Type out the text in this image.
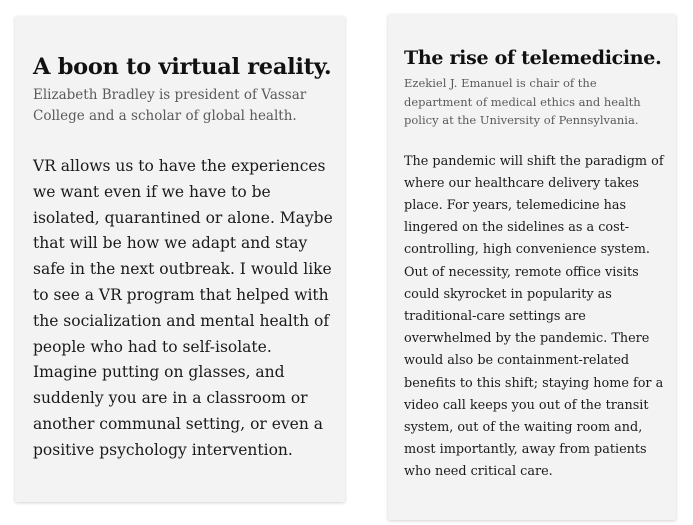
A boon to virtual reality.

Elizabeth Bradley is president of Vassar College and a scholar of global health.

VR allows us to have the experiences we want even if we have to be isolated, quarantined or alone. Maybe that will be how we adapt and stay safe in the next outbreak. I would like to see a VR program that helped with the socialization and mental health of people who had to self-isolate. Imagine putting on glasses, and suddenly you are in a classroom or another communal setting, or even a positive psychology intervention.

The rise of telemedicine.

Ezekiel J. Emanuel is chair of the department of medical ethics and health policy at the University of Pennsylvania.

The pandemic will shift the paradigm of where our healthcare delivery takes place. For years, telemedicine has lingered on the sidelines as a cost-controlling, high convenience system. Out of necessity, remote office visits could skyrocket in popularity as traditional-care settings are overwhelmed by the pandemic. There would also be containment-related benefits to this shift; staying home for a video call keeps you out of the transit system, out of the waiting room and, most importantly, away from patients who need critical care.
